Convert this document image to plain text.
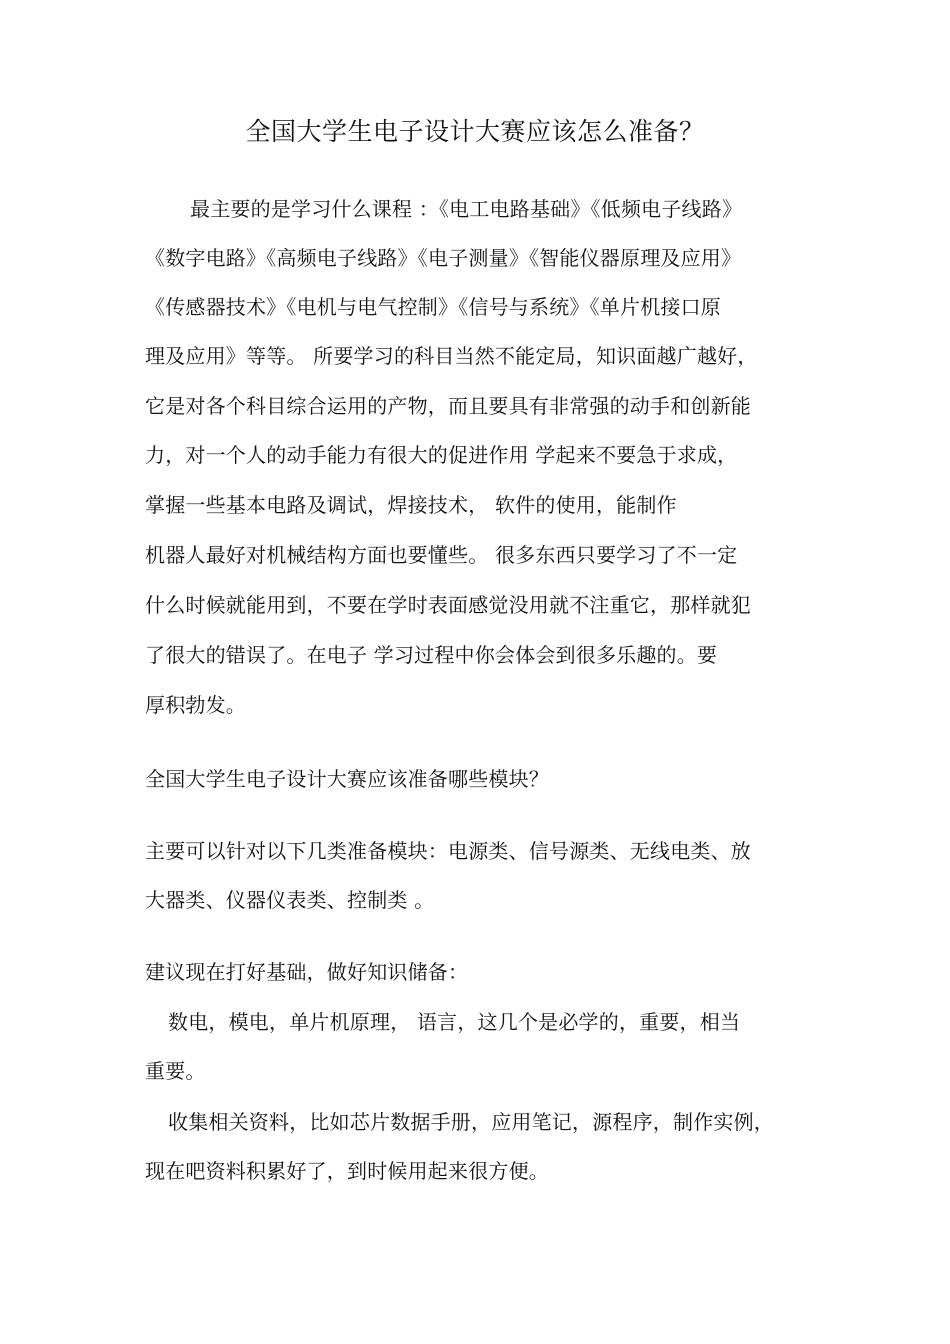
全国大学生电子设计大赛应该怎么准备？
最主要的是学习什么课程 ：《电工电路基础》《低频电子线路》
《数字电路》《高频电子线路》《电子测量》《智能仪器原理及应用》
《传感器技术》《电机与电气控制》《信号与系统》《单片机接口原
理及应用》等等。 所要学习的科目当然不能定局，知识面越广越好，
它是对各个科目综合运用的产物，而且要具有非常强的动手和创新能
力，对一个人的动手能力有很大的促进作用 学起来不要急于求成，
掌握一些基本电路及调试，焊接技术， 软件的使用，能制作
机器人最好对机械结构方面也要懂些。 很多东西只要学习了不一定
什么时候就能用到，不要在学时表面感觉没用就不注重它，那样就犯
了很大的错误了。在电子 学习过程中你会体会到很多乐趣的。要
厚积勃发。
全国大学生电子设计大赛应该准备哪些模块？
主要可以针对以下几类准备模块：电源类、信号源类、无线电类、放
大器类、仪器仪表类、控制类 。
建议现在打好基础，做好知识储备：
数电，模电，单片机原理， 语言，这几个是必学的，重要，相当
重要。
收集相关资料，比如芯片数据手册，应用笔记，源程序，制作实例，
现在吧资料积累好了，到时候用起来很方便。
